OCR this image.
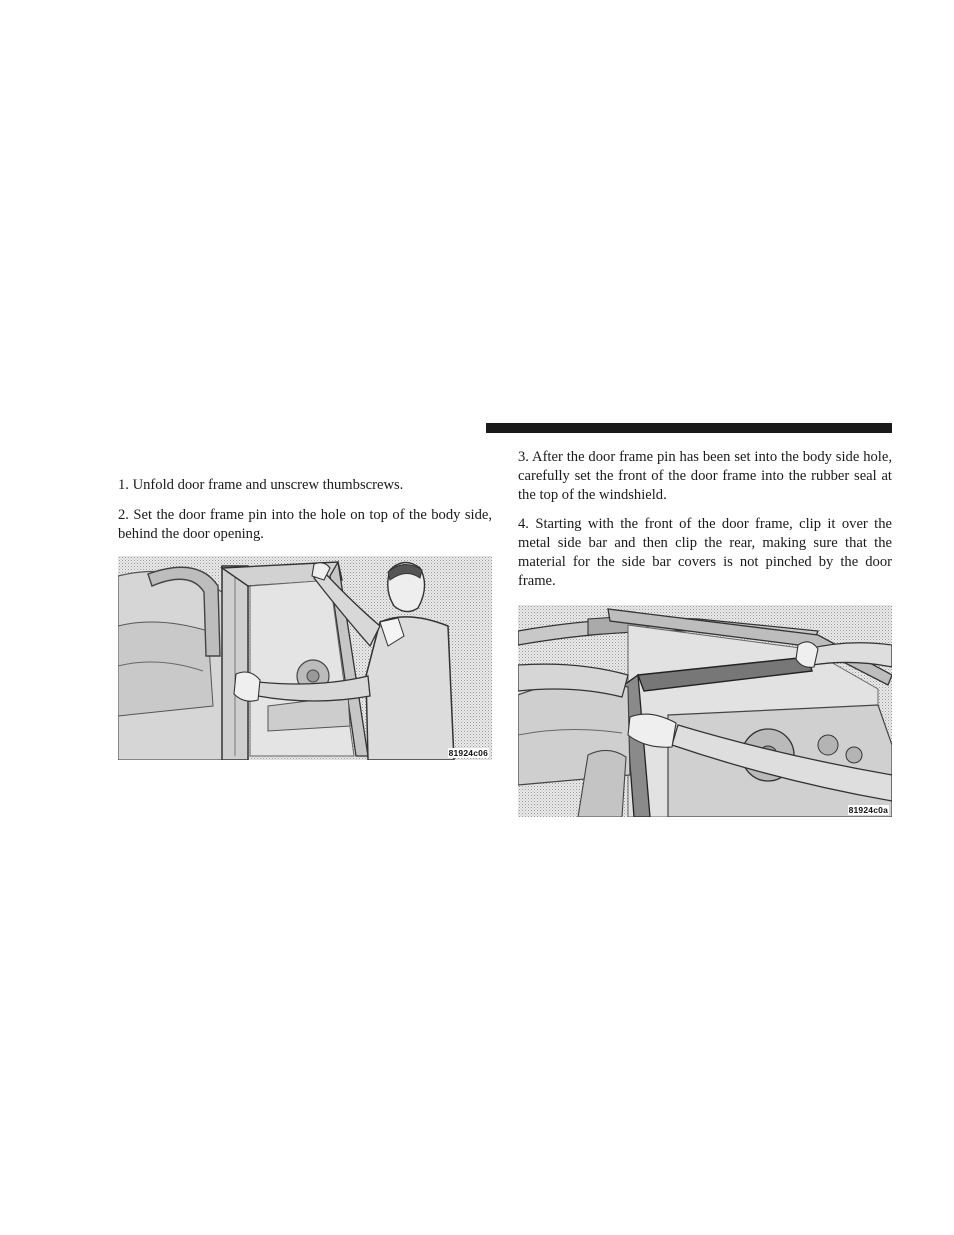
1. Unfold door frame and unscrew thumbscrews.

2. Set the door frame pin into the hole on top of the body side, behind the door opening.

81924c06

3. After the door frame pin has been set into the body side hole, carefully set the front of the door frame into the rubber seal at the top of the windshield.

4. Starting with the front of the door frame, clip it over the metal side bar and then clip the rear, making sure that the material for the side bar covers is not pinched by the door frame.

81924c0a
